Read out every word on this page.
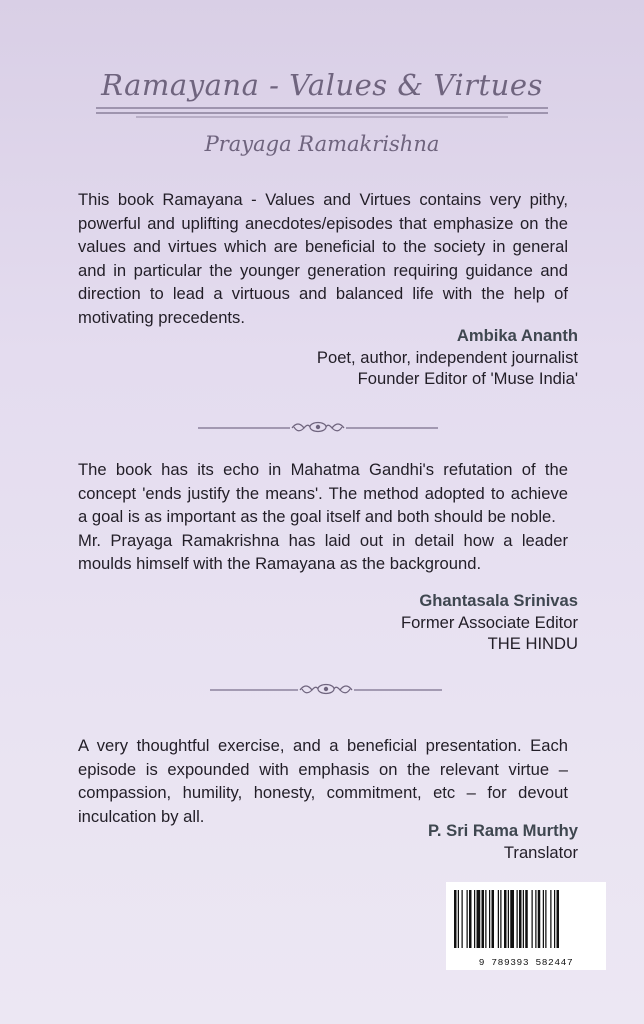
Ramayana - Values & Virtues
Prayaga Ramakrishna
This book Ramayana - Values and Virtues contains very pithy, powerful and uplifting anecdotes/episodes that emphasize on the values and virtues which are beneficial to the society in general and in particular the younger generation requiring guidance and direction to lead a virtuous and balanced life with the help of motivating precedents.
Ambika Ananth
Poet, author, independent journalist
Founder Editor of 'Muse India'
The book has its echo in Mahatma Gandhi's refutation of the concept 'ends justify the means'. The method adopted to achieve a goal is as important as the goal itself and both should be noble.
Mr. Prayaga Ramakrishna has laid out in detail how a leader moulds himself with the Ramayana as the background.
Ghantasala Srinivas
Former Associate Editor
THE HINDU
A very thoughtful exercise, and a beneficial presentation. Each episode is expounded with emphasis on the relevant virtue – compassion, humility, honesty, commitment, etc – for devout inculcation by all.
P. Sri Rama Murthy
Translator
9 789393 582447
